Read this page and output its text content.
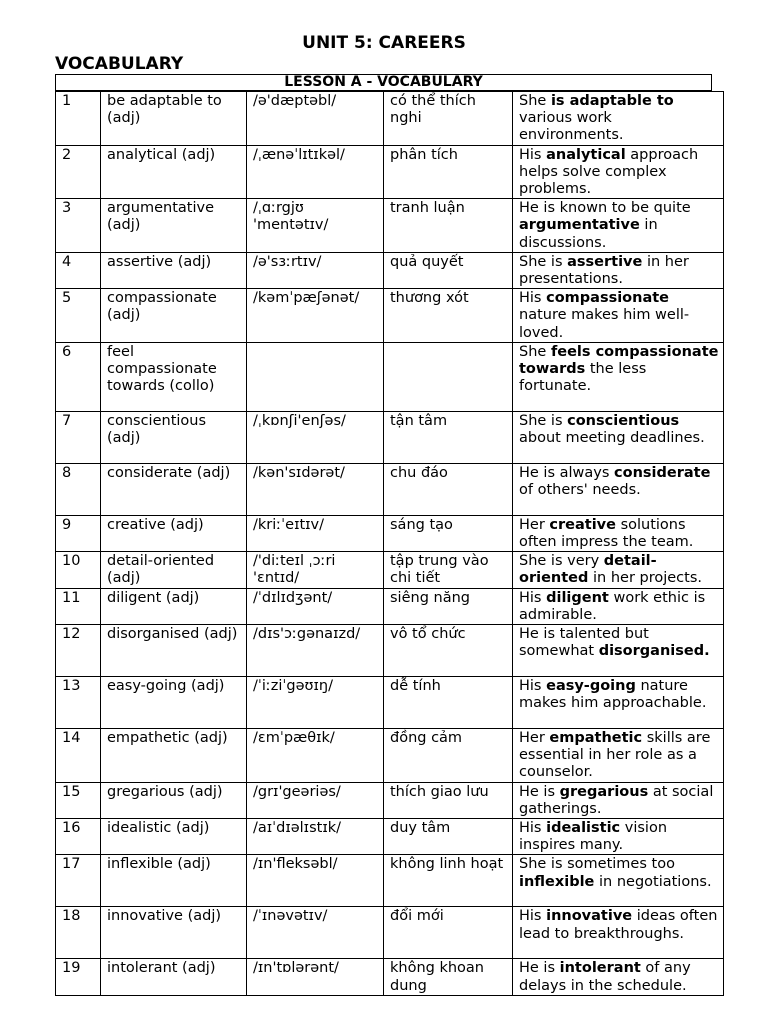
UNIT 5: CAREERS
VOCABULARY
LESSON A - VOCABULARY
1	be adaptable to (adj)	/ə'dæptəbl/	có thể thích nghi	She is adaptable to various work environments.
2	analytical (adj)	/ˌænəˈlɪtɪkəl/	phân tích	His analytical approach helps solve complex problems.
3	argumentative (adj)	/ˌɑːrgjʊ 'mentətɪv/	tranh luận	He is known to be quite argumentative in discussions.
4	assertive (adj)	/ə'sɜːrtɪv/	quả quyết	She is assertive in her presentations.
5	compassionate (adj)	/kəmˈpæʃənət/	thương xót	His compassionate nature makes him well-loved.
6	feel compassionate towards (collo)			She feels compassionate towards the less fortunate.
7	conscientious (adj)	/ˌkɒnʃi'enʃəs/	tận tâm	She is conscientious about meeting deadlines.
8	considerate (adj)	/kən'sɪdərət/	chu đáo	He is always considerate of others' needs.
9	creative (adj)	/kriːˈeɪtɪv/	sáng tạo	Her creative solutions often impress the team.
10	detail-oriented (adj)	/'diːteɪl ˌɔːri 'ɛntɪd/	tập trung vào chi tiết	She is very detail-oriented in her projects.
11	diligent (adj)	/ˈdɪlɪdʒənt/	siêng năng	His diligent work ethic is admirable.
12	disorganised (adj)	/dɪs'ɔːgənaɪzd/	vô tổ chức	He is talented but somewhat disorganised.
13	easy-going (adj)	/ˈiːziˈgəʊɪŋ/	dễ tính	His easy-going nature makes him approachable.
14	empathetic (adj)	/ɛmˈpæθɪk/	đồng cảm	Her empathetic skills are essential in her role as a counselor.
15	gregarious (adj)	/grɪ'geəriəs/	thích giao lưu	He is gregarious at social gatherings.
16	idealistic (adj)	/aɪˈdɪəlɪstɪk/	duy tâm	His idealistic vision inspires many.
17	inflexible (adj)	/ɪn'fleksəbl/	không linh hoạt	She is sometimes too inflexible in negotiations.
18	innovative (adj)	/ˈɪnəvətɪv/	đổi mới	His innovative ideas often lead to breakthroughs.
19	intolerant (adj)	/ɪn'tɒlərənt/	không khoan dung	He is intolerant of any delays in the schedule.
